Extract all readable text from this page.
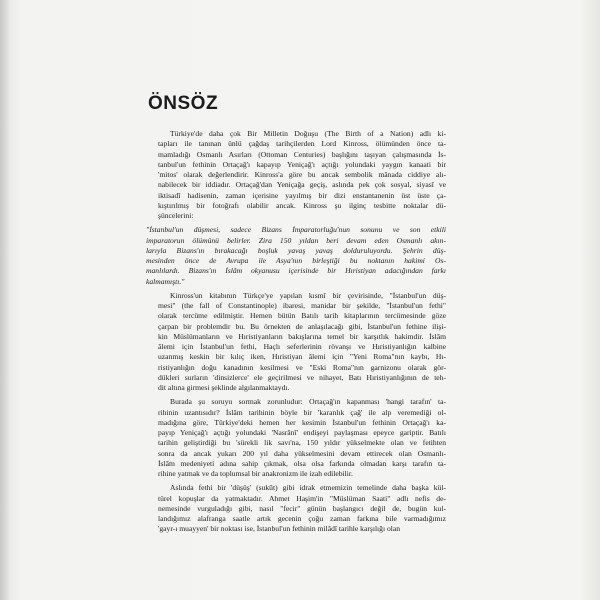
ÖNSÖZ
Türkiye'de daha çok Bir Milletin Doğuşu (The Birth of a Nation) adlı ki-
tapları ile tanınan ünlü çağdaş tarihçilerden Lord Kinross, ölümünden önce ta-
mamladığı Osmanlı Asırları (Ottoman Centuries) başlığını taşıyan çalışmasında İs-
tanbul'un fethinin Ortaçağ'ı kapayıp Yeniçağ'ı açtığı yolundaki yaygın kanaati bir
'mitos' olarak değerlendirir. Kinross'a göre bu ancak sembolik mânada ciddiye alı-
nabilecek bir iddiadır. Ortaçağ'dan Yeniçağa geçiş, aslında pek çok sosyal, siyasî ve
iktisadî hadisenin, zaman içerisine yayılmış bir dizi enstantanenin üst üste ça-
kıştırılmış bir fotoğrafı olabilir ancak. Kinross şu ilginç tesbitte noktalar dü-
şüncelerini:
"İstanbul'un düşmesi, sadece Bizans İmparatorluğu'nun sonunu ve son etkili
imparatorun ölümünü belirler. Zira 150 yıldan beri devam eden Osmanlı akın-
larıyla Bizans'ın bırakacağı boşluk yavaş yavaş dolduruluyordu. Şehrin düş-
mesinden önce de Avrupa ile Asya'nın birleştiği bu noktanın hakimi Os-
manlılardı. Bizans'ın İslâm okyanusu içerisinde bir Hıristiyan adacığından farkı
kalmamıştı."
Kinross'un kitabının Türkçe'ye yapılan kısmî bir çevirisinde, "İstanbul'un düş-
mesi" (the fall of Constantinople) ibaresi, manidar bir şekilde, "İstanbul'un fethi"
olarak tercüme edilmiştir. Hemen bütün Batılı tarih kitaplarının tercümesinde göze
çarpan bir problemdir bu. Bu örnekten de anlaşılacağı gibi, İstanbul'un fethine ilişi-
kin Müslümanların ve Hıristiyanların bakışlarına temel bir karşıtlık hakimdir. İslâm
âlemi için İstanbul'un fethi, Haçlı seferlerinin rövanşı ve Hıristiyanlığın kalbine
uzanmış keskin bir kılıç iken, Hıristiyan âlemi için "Yeni Roma"nın kaybı, Hı-
ristiyanlığın doğu kanadının kesilmesi ve "Eski Roma"nın garnizonu olarak gör-
dükleri surların 'dinsizlerce' ele geçirilmesi ve nihayet, Batı Hıristiyanlığının de teh-
dit altına girmesi şeklinde algılanmaktaydı.
Burada şu soruyu sormak zorunludur: Ortaçağ'ın kapanması 'hangi tarafın' ta-
rihinin uzantısıdır? İslâm tarihinin böyle bir 'karanlık çağ' ile alp veremediği ol-
madığına göre, Türkiye'deki hemen her kesimin İstanbul'un fethinin Ortaçağ'ı ka-
payıp Yeniçağ'ı açtığı yolundaki 'Nasrânî' endişeyi paylaşması epeyce gariptir. Batılı
tarihin geliştirdiği bu 'sürekli lik savı'na, 150 yıldır yükselmekte olan ve fetihten
sonra da ancak yukarı 200 yıl daha yükselmesini devam ettirecek olan Osmanlı-
İslâm medeniyeti adına sahip çıkmak, olsa olsa farkında olmadan karşı tarafın ta-
rihine yatmak ve da toplumsal bir anakronizm ile izah edilebilir.
Aslında fethi bir 'düşüş' (sukût) gibi idrak etmemizin temelinde daha başka kül-
türel kopuşlar da yatmaktadır. Ahmet Haşim'in "Müslüman Saati" adlı nefis de-
nemesinde vurguladığı gibi, nasıl "fecir" günün başlangıcı değil de, bugün kul-
landığımız alafranga saatle artık gecenin çoğu zaman farkına bile varmadığımız
'gayr-ı muayyen' bir noktası ise, İstanbul'un fethinin milâdî tarihle karşılığı olan
